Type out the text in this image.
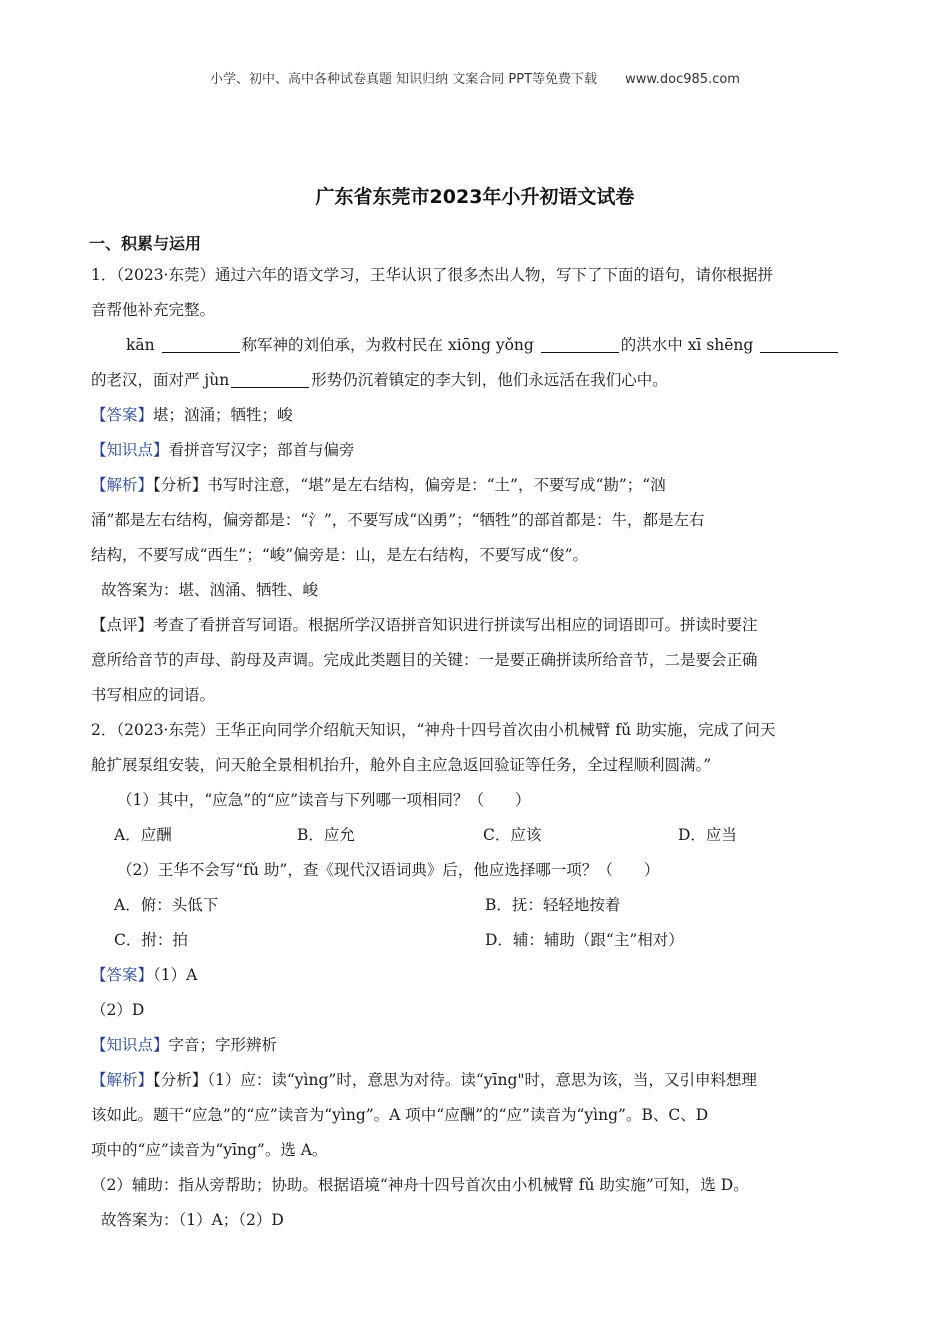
小学、初中、高中各种试卷真题 知识归纳 文案合同 PPT等免费下载 www.doc985.com
广东省东莞市2023年小升初语文试卷
一、积累与运用

1．（2023·东莞）通过六年的语文学习，王华认识了很多杰出人物，写下了下面的语句，请你根据拼

音帮他补充完整。

kān	称军神的刘伯承，为救村民在 xiōng yǒng	的洪水中 xī shēng

的老汉，面对严 jùn	形势仍沉着镇定的李大钊，他们永远活在我们心中。

【答案】堪；汹涌；牺牲；峻

【知识点】看拼音写汉字；部首与偏旁

【解析】【分析】书写时注意，“堪”是左右结构，偏旁是：“土”，不要写成“勘”；“汹

涌”都是左右结构，偏旁都是：“氵”，不要写成“凶勇”；“牺牲”的部首都是：牛，都是左右

结构，不要写成“西生”；“峻”偏旁是：山，是左右结构，不要写成“俊”。

故答案为：堪、汹涌、牺牲、峻

【点评】考查了看拼音写词语。根据所学汉语拼音知识进行拼读写出相应的词语即可。拼读时要注

意所给音节的声母、韵母及声调。完成此类题目的关键：一是要正确拼读所给音节，二是要会正确

书写相应的词语。

2．（2023·东莞）王华正向同学介绍航天知识，“神舟十四号首次由小机械臂 fǔ 助实施，完成了问天

舱扩展泵组安装，问天舱全景相机抬升，舱外自主应急返回验证等任务，全过程顺利圆满。”

（1）其中，“应急”的“应”读音与下列哪一项相同？（　　）

A．应酬	B．应允	C．应该	D．应当

（2）王华不会写“fǔ 助”，查《现代汉语词典》后，他应选择哪一项？（　　）

A．俯：头低下	B．抚：轻轻地按着
C．拊：拍	D．辅：辅助（跟“主”相对）

【答案】（1）A

（2）D

【知识点】字音；字形辨析

【解析】【分析】（1）应：读“yìng”时，意思为对待。读“yīng"时，意思为该，当，又引申料想理

该如此。题干“应急”的“应”读音为“yìng”。A 项中“应酬”的“应”读音为“yìng”。B、C、D

项中的“应”读音为“yīng”。选 A。

（2）辅助：指从旁帮助；协助。根据语境“神舟十四号首次由小机械臂 fǔ 助实施”可知，选 D。

故答案为：（1）A；（2）D
